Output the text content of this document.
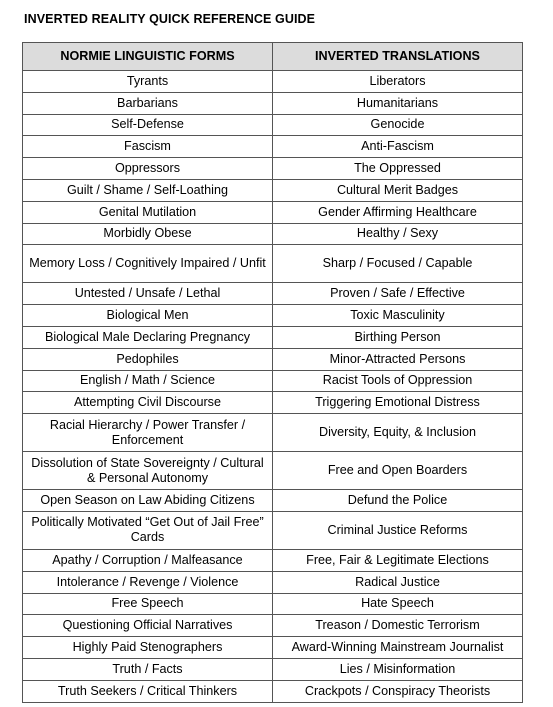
INVERTED REALITY QUICK REFERENCE GUIDE
NORMIE LINGUISTIC FORMS	INVERTED TRANSLATIONS
Tyrants	Liberators
Barbarians	Humanitarians
Self-Defense	Genocide
Fascism	Anti-Fascism
Oppressors	The Oppressed
Guilt / Shame / Self-Loathing	Cultural Merit Badges
Genital Mutilation	Gender Affirming Healthcare
Morbidly Obese	Healthy / Sexy
Memory Loss / Cognitively Impaired / Unfit	Sharp / Focused / Capable
Untested / Unsafe / Lethal	Proven / Safe / Effective
Biological Men	Toxic Masculinity
Biological Male Declaring Pregnancy	Birthing Person
Pedophiles	Minor-Attracted Persons
English / Math / Science	Racist Tools of Oppression
Attempting Civil Discourse	Triggering Emotional Distress
Racial Hierarchy / Power Transfer / Enforcement	Diversity, Equity, & Inclusion
Dissolution of State Sovereignty / Cultural & Personal Autonomy	Free and Open Boarders
Open Season on Law Abiding Citizens	Defund the Police
Politically Motivated “Get Out of Jail Free” Cards	Criminal Justice Reforms
Apathy / Corruption / Malfeasance	Free, Fair & Legitimate Elections
Intolerance / Revenge / Violence	Radical Justice
Free Speech	Hate Speech
Questioning Official Narratives	Treason / Domestic Terrorism
Highly Paid Stenographers	Award-Winning Mainstream Journalist
Truth / Facts	Lies / Misinformation
Truth Seekers / Critical Thinkers	Crackpots / Conspiracy Theorists
